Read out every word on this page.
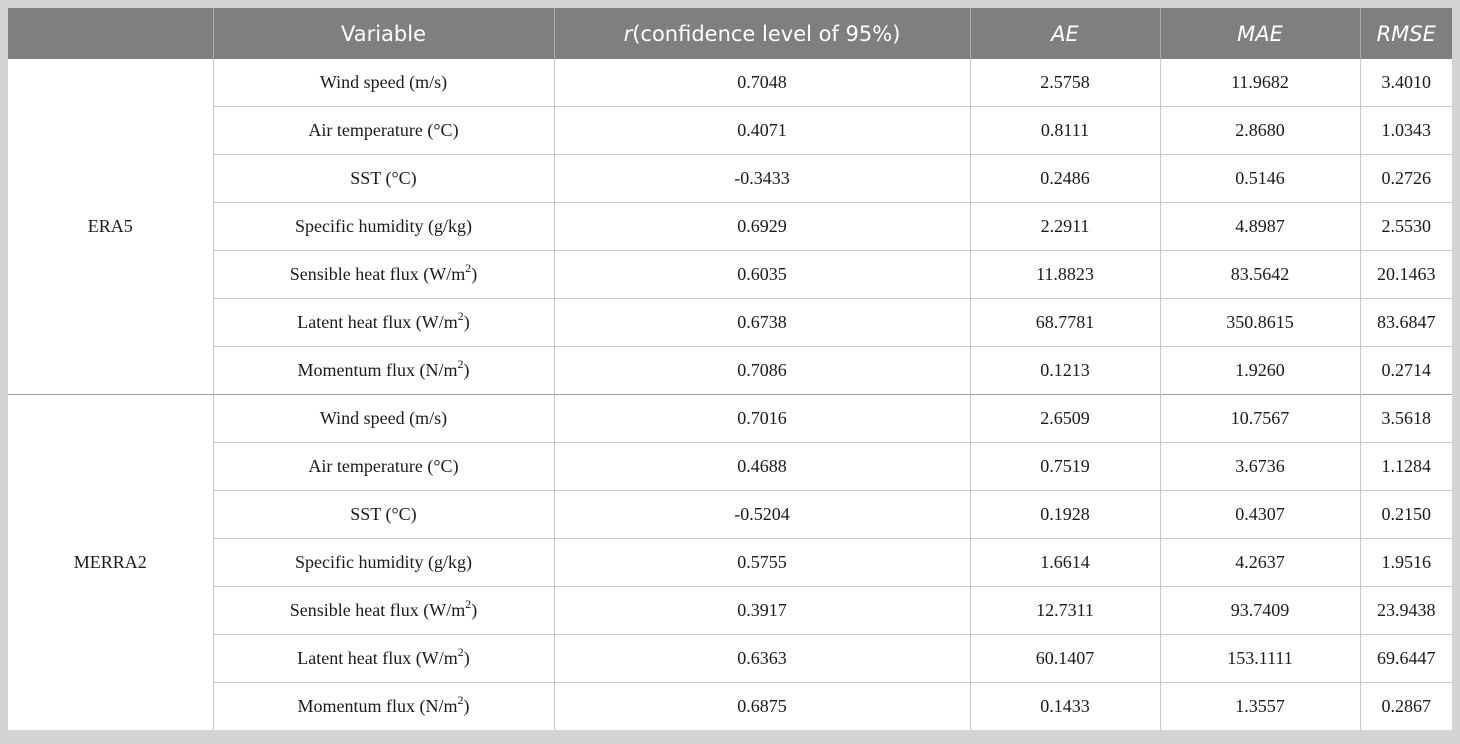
	Variable	r(confidence level of 95%)	AE	MAE	RMSE
ERA5	Wind speed (m/s)	0.7048	2.5758	11.9682	3.4010
	Air temperature (°C)	0.4071	0.8111	2.8680	1.0343
	SST (°C)	-0.3433	0.2486	0.5146	0.2726
	Specific humidity (g/kg)	0.6929	2.2911	4.8987	2.5530
	Sensible heat flux $(W/m^2)$	0.6035	11.8823	83.5642	20.1463
	Latent heat flux $(W/m^2)$	0.6738	68.7781	350.8615	83.6847
	Momentum flux $(N/m^2)$	0.7086	0.1213	1.9260	0.2714
MERRA2	Wind speed (m/s)	0.7016	2.6509	10.7567	3.5618
	Air temperature (°C)	0.4688	0.7519	3.6736	1.1284
	SST (°C)	-0.5204	0.1928	0.4307	0.2150
	Specific humidity (g/kg)	0.5755	1.6614	4.2637	1.9516
	Sensible heat flux $(W/m^2)$	0.3917	12.7311	93.7409	23.9438
	Latent heat flux $(W/m^2)$	0.6363	60.1407	153.1111	69.6447
	Momentum flux $(N/m^2)$	0.6875	0.1433	1.3557	0.2867
